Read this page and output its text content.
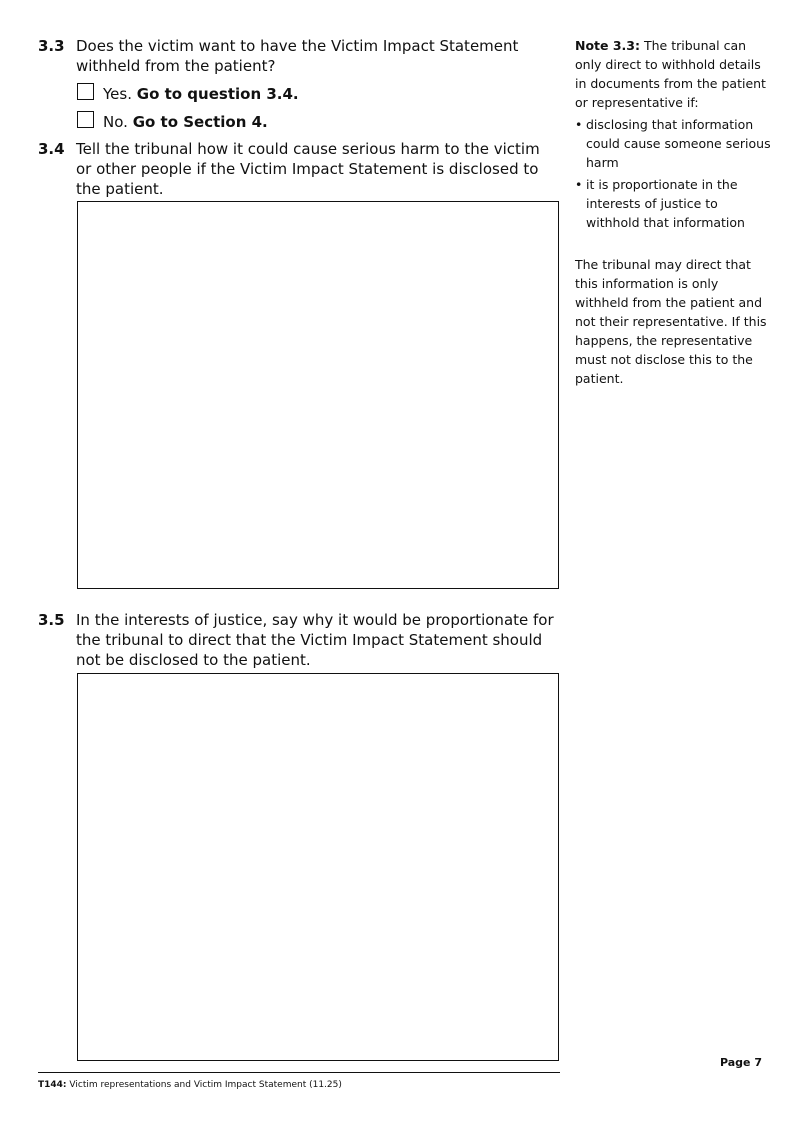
3.3 Does the victim want to have the Victim Impact Statement withheld from the patient?
Yes.
Go to question 3.4.
No.
Go to Section 4.
3.4 Tell the tribunal how it could cause serious harm to the victim or other people if the Victim Impact Statement is disclosed to the patient.
3.5 In the interests of justice, say why it would be proportionate for the tribunal to direct that the Victim Impact Statement should not be disclosed to the patient.

Note 3.3: The tribunal can only direct to withhold details in documents from the patient or representative if:

• disclosing that information could cause someone serious harm
• it is proportionate in the interests of justice to withhold that information

The tribunal may direct that this information is only withheld from the patient and not their representative. If this happens, the representative must not disclose this to the patient.

T144: Victim representations and Victim Impact Statement (11.25)
Page 7
